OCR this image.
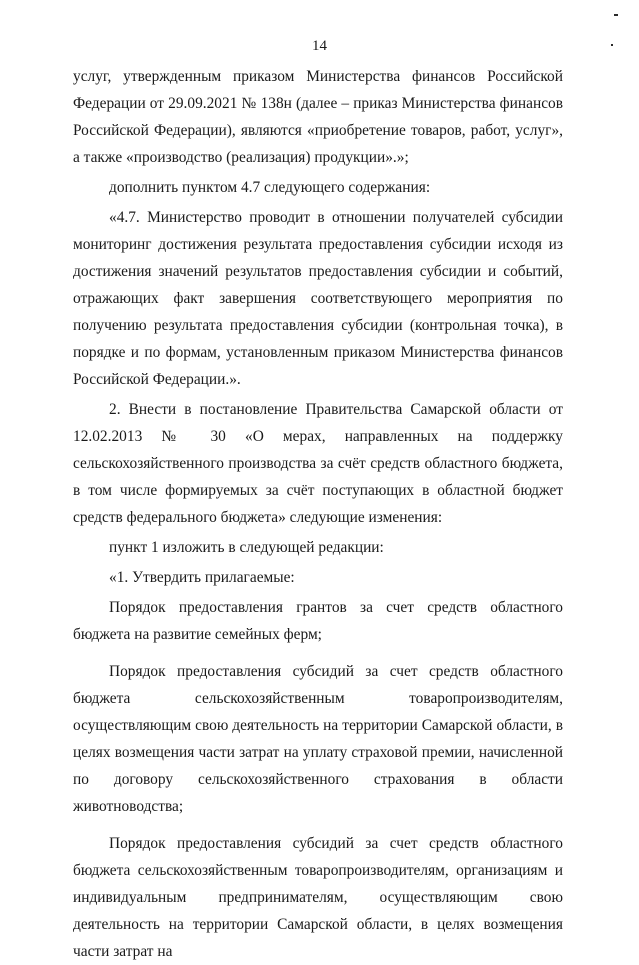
14

услуг, утвержденным приказом Министерства финансов Российской Федерации от 29.09.2021 № 138н (далее – приказ Министерства финансов Российской Федерации), являются «приобретение товаров, работ, услуг», а также «производство (реализация) продукции».»;

дополнить пунктом 4.7 следующего содержания:

«4.7. Министерство проводит в отношении получателей субсидии мониторинг достижения результата предоставления субсидии исходя из достижения значений результатов предоставления субсидии и событий, отражающих факт завершения соответствующего мероприятия по получению результата предоставления субсидии (контрольная точка), в порядке и по формам, установленным приказом Министерства финансов Российской Федерации.».

2. Внести в постановление Правительства Самарской области от 12.02.2013 № 30 «О мерах, направленных на поддержку сельскохозяйственного производства за счёт средств областного бюджета, в том числе формируемых за счёт поступающих в областной бюджет средств федерального бюджета» следующие изменения:

пункт 1 изложить в следующей редакции:

«1. Утвердить прилагаемые:

Порядок предоставления грантов за счет средств областного бюджета на развитие семейных ферм;

Порядок предоставления субсидий за счет средств областного бюджета сельскохозяйственным товаропроизводителям, осуществляющим свою деятельность на территории Самарской области, в целях возмещения части затрат на уплату страховой премии, начисленной по договору сельскохозяйственного страхования в области животноводства;

Порядок предоставления субсидий за счет средств областного бюджета сельскохозяйственным товаропроизводителям, организациям и индивидуальным предпринимателям, осуществляющим свою деятельность на территории Самарской области, в целях возмещения части затрат на
